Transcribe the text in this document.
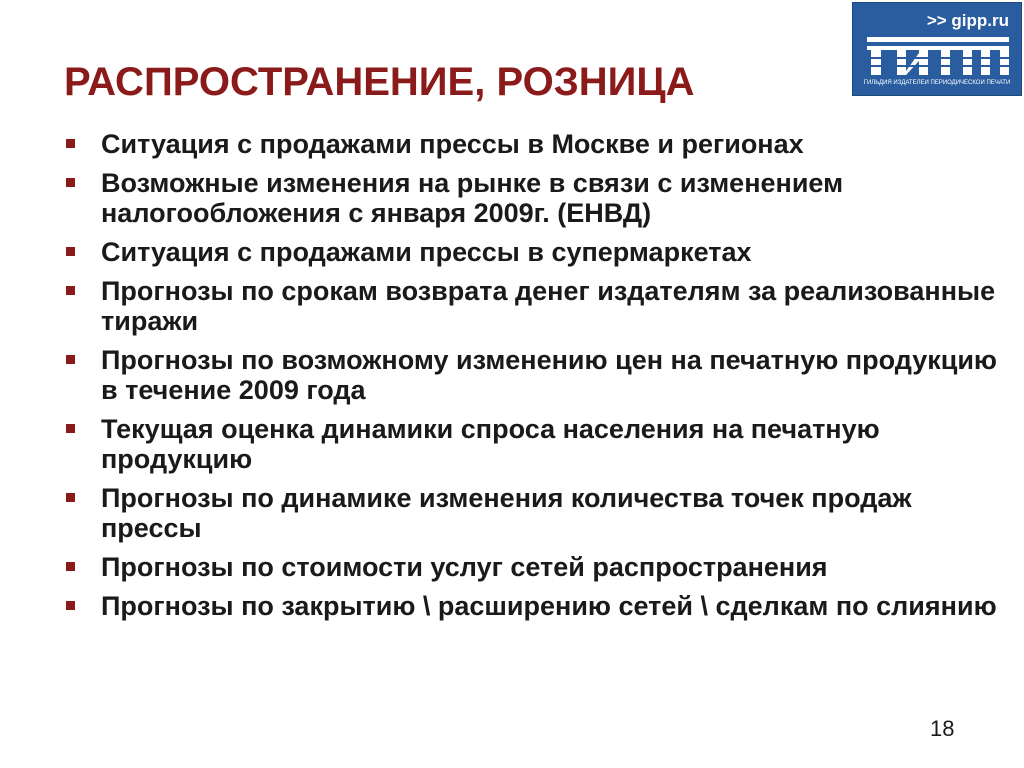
РАСПРОСТРАНЕНИЕ, РОЗНИЦА
>> gipp.ru
ГИЛЬДИЯ ИЗДАТЕЛЕЙ ПЕРИОДИЧЕСКОЙ ПЕЧАТИ
Ситуация с продажами прессы в Москве и регионах
Возможные изменения на рынке в связи с изменением налогообложения с января 2009г. (ЕНВД)
Ситуация с продажами прессы в супермаркетах
Прогнозы по срокам возврата денег издателям за реализованные тиражи
Прогнозы по возможному изменению цен на печатную продукцию в течение 2009 года
Текущая оценка динамики спроса населения на печатную продукцию
Прогнозы по динамике изменения количества точек продаж прессы
Прогнозы по стоимости услуг сетей распространения
Прогнозы по закрытию \ расширению сетей \ сделкам по слиянию
18
